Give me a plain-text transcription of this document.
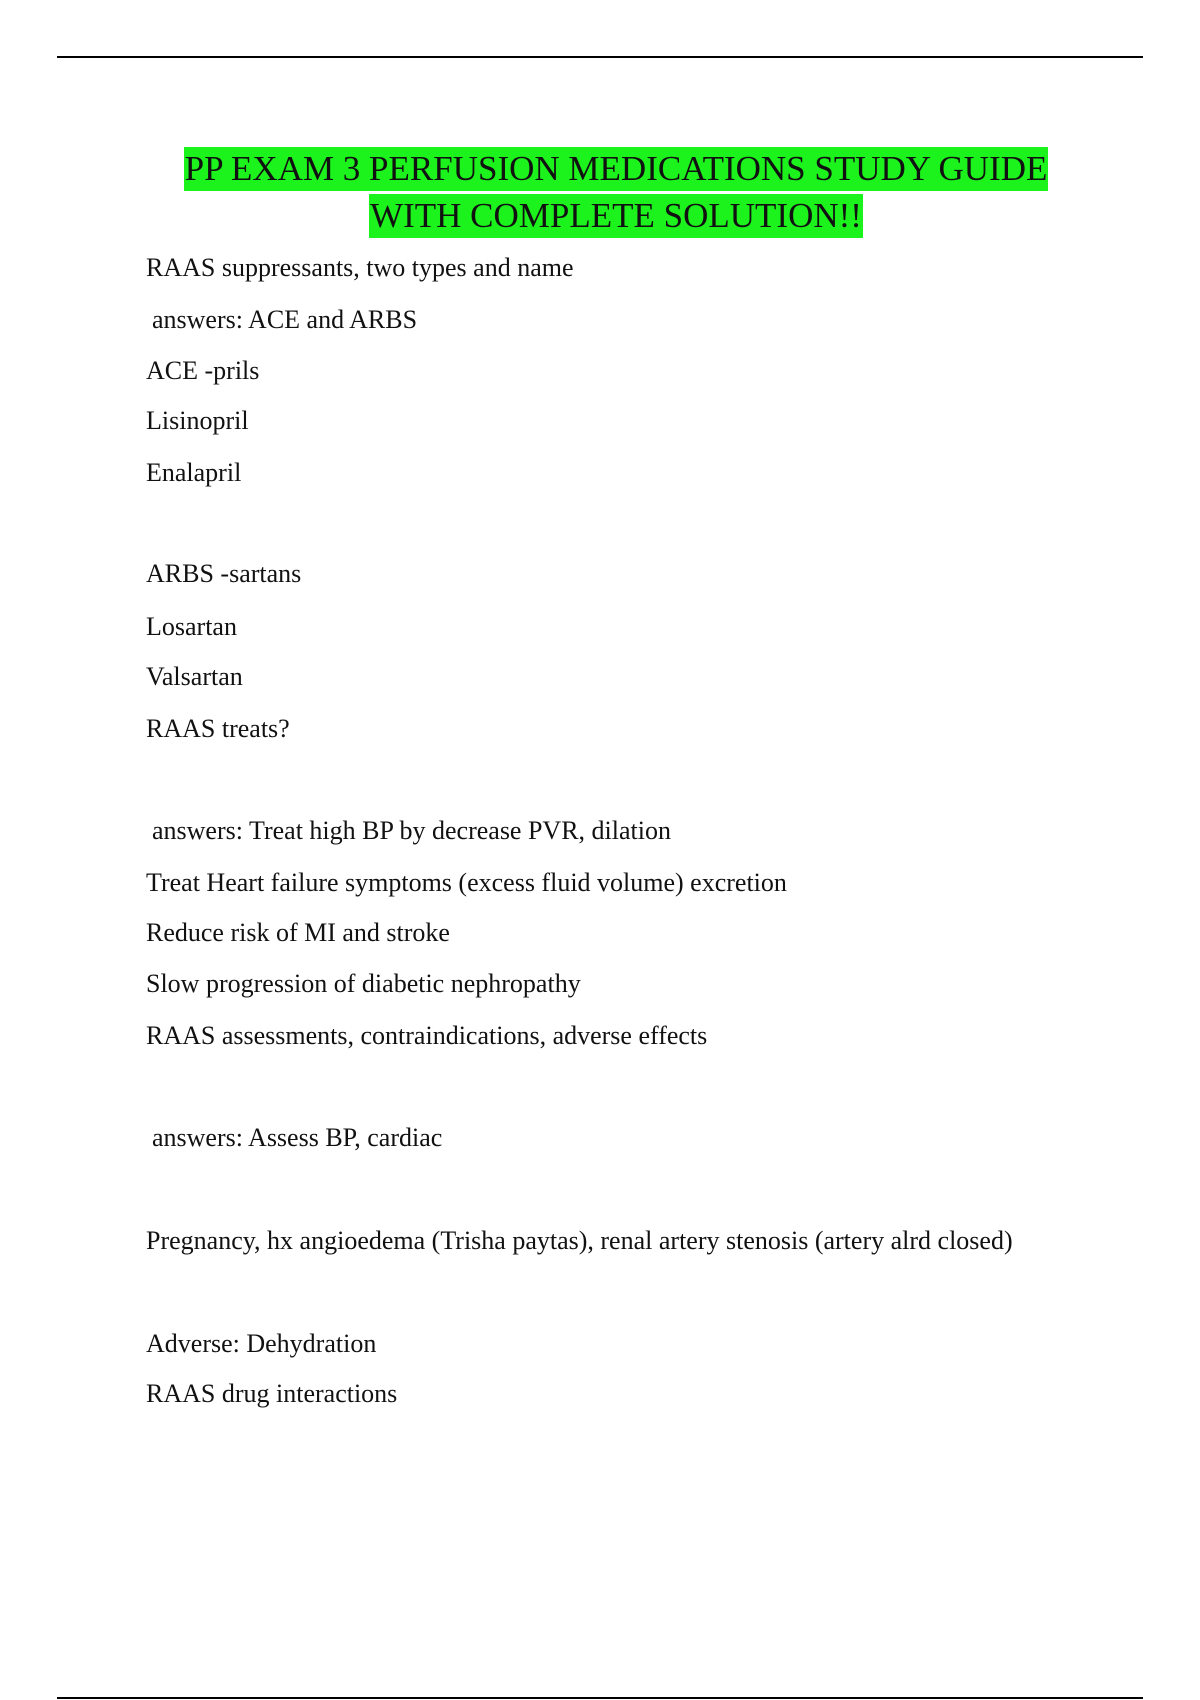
PP EXAM 3 PERFUSION MEDICATIONS STUDY GUIDE
WITH COMPLETE SOLUTION!!
RAAS suppressants, two types and name
answers: ACE and ARBS
ACE -prils
Lisinopril
Enalapril
ARBS -sartans
Losartan
Valsartan
RAAS treats?
answers: Treat high BP by decrease PVR, dilation
Treat Heart failure symptoms (excess fluid volume) excretion
Reduce risk of MI and stroke
Slow progression of diabetic nephropathy
RAAS assessments, contraindications, adverse effects
answers: Assess BP, cardiac
Pregnancy, hx angioedema (Trisha paytas), renal artery stenosis (artery alrd closed)
Adverse: Dehydration
RAAS drug interactions
